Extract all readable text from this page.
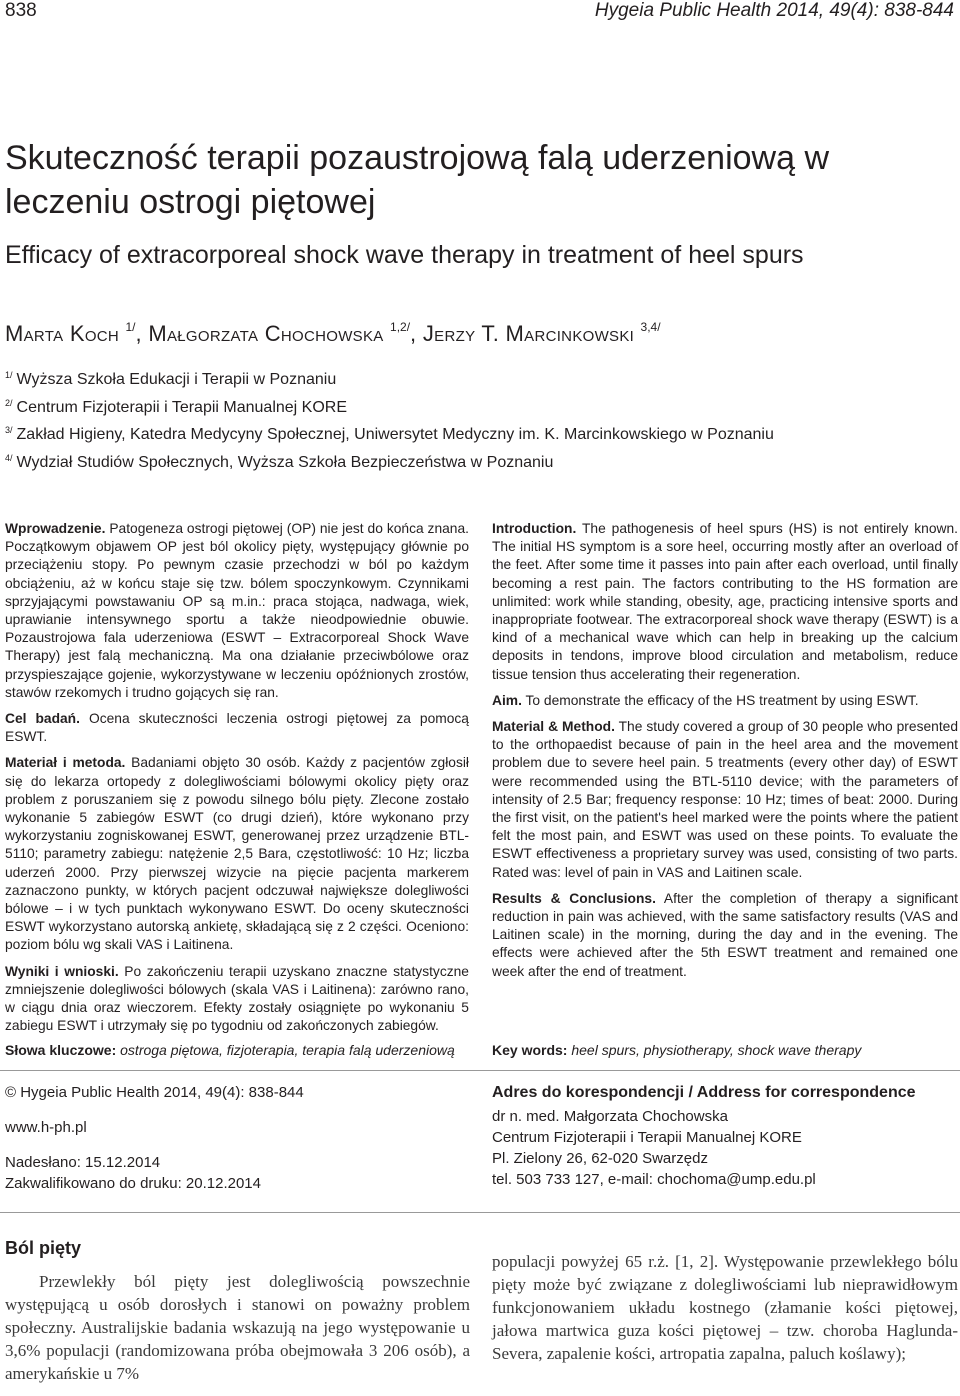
838	Hygeia Public Health 2014, 49(4): 838-844
Skuteczność terapii pozaustrojową falą uderzeniową w leczeniu ostrogi piętowej
Efficacy of extracorporeal shock wave therapy in treatment of heel spurs
Marta Koch $^{1/}$, Małgorzata Chochowska $^{1,2/}$, Jerzy T. Marcinkowski $^{3,4/}$
$^{1/}$ Wyższa Szkoła Edukacji i Terapii w Poznaniu
$^{2/}$ Centrum Fizjoterapii i Terapii Manualnej KORE
$^{3/}$ Zakład Higieny, Katedra Medycyny Społecznej, Uniwersytet Medyczny im. K. Marcinkowskiego w Poznaniu
$^{4/}$ Wydział Studiów Społecznych, Wyższa Szkoła Bezpieczeństwa w Poznaniu

Wprowadzenie. Patogeneza ostrogi piętowej (OP) nie jest do końca znana. Początkowym objawem OP jest ból okolicy pięty, występujący głównie po przeciążeniu stopy. Po pewnym czasie przechodzi w ból po każdym obciążeniu, aż w końcu staje się tzw. bólem spoczynkowym. Czynnikami sprzyjającymi powstawaniu OP są m.in.: praca stojąca, nadwaga, wiek, uprawianie intensywnego sportu a także nieodpowiednie obuwie. Pozaustrojowa fala uderzeniowa (ESWT – Extracorporeal Shock Wave Therapy) jest falą mechaniczną. Ma ona działanie przeciwbólowe oraz przyspieszające gojenie, wykorzystywane w leczeniu opóźnionych zrostów, stawów rzekomych i trudno gojących się ran.

Cel badań. Ocena skuteczności leczenia ostrogi piętowej za pomocą ESWT.

Materiał i metoda. Badaniami objęto 30 osób. Każdy z pacjentów zgłosił się do lekarza ortopedy z dolegliwościami bólowymi okolicy pięty oraz problem z poruszaniem się z powodu silnego bólu pięty. Zlecone zostało wykonanie 5 zabiegów ESWT (co drugi dzień), które wykonano przy wykorzystaniu zogniskowanej ESWT, generowanej przez urządzenie BTL-5110; parametry zabiegu: natężenie 2,5 Bara, częstotliwość: 10 Hz; liczba uderzeń 2000. Przy pierwszej wizycie na pięcie pacjenta markerem zaznaczono punkty, w których pacjent odczuwał największe dolegliwości bólowe – i w tych punktach wykonywano ESWT. Do oceny skuteczności ESWT wykorzystano autorską ankietę, składającą się z 2 części. Oceniono: poziom bólu wg skali VAS i Laitinena.

Wyniki i wnioski. Po zakończeniu terapii uzyskano znaczne statystyczne zmniejszenie dolegliwości bólowych (skala VAS i Laitinena): zarówno rano, w ciągu dnia oraz wieczorem. Efekty zostały osiągnięte po wykonaniu 5 zabiegu ESWT i utrzymały się po tygodniu od zakończonych zabiegów.

Introduction. The pathogenesis of heel spurs (HS) is not entirely known. The initial HS symptom is a sore heel, occurring mostly after an overload of the feet. After some time it passes into pain after each overload, until finally becoming a rest pain. The factors contributing to the HS formation are unlimited: work while standing, obesity, age, practicing intensive sports and inappropriate footwear. The extracorporeal shock wave therapy (ESWT) is a kind of a mechanical wave which can help in breaking up the calcium deposits in tendons, improve blood circulation and metabolism, reduce tissue tension thus accelerating their regeneration.

Aim. To demonstrate the efficacy of the HS treatment by using ESWT.

Material & Method. The study covered a group of 30 people who presented to the orthopaedist because of pain in the heel area and the movement problem due to severe heel pain. 5 treatments (every other day) of ESWT were recommended using the BTL-5110 device; with the parameters of intensity of 2.5 Bar; frequency response: 10 Hz; times of beat: 2000. During the first visit, on the patient's heel marked were the points where the patient felt the most pain, and ESWT was used on these points. To evaluate the ESWT effectiveness a proprietary survey was used, consisting of two parts. Rated was: level of pain in VAS and Laitinen scale.

Results & Conclusions. After the completion of therapy a significant reduction in pain was achieved, with the same satisfactory results (VAS and Laitinen scale) in the morning, during the day and in the evening. The effects were achieved after the 5th ESWT treatment and remained one week after the end of treatment.

Słowa kluczowe: ostroga piętowa, fizjoterapia, terapia falą uderzeniową	Key words: heel spurs, physiotherapy, shock wave therapy
© Hygeia Public Health 2014, 49(4): 838-844
www.h-ph.pl
Nadesłano: 15.12.2014
Zakwalifikowano do druku: 20.12.2014
Adres do korespondencji / Address for correspondence
dr n. med. Małgorzata Chochowska
Centrum Fizjoterapii i Terapii Manualnej KORE
Pl. Zielony 26, 62-020 Swarzędz
tel. 503 733 127, e-mail: chochoma@ump.edu.pl
Ból pięty
Przewlekły ból pięty jest dolegliwością powszechnie występującą u osób dorosłych i stanowi on poważny problem społeczny. Australijskie badania wskazują na jego występowanie u 3,6% populacji (randomizowana próba obejmowała 3 206 osób), a amerykańskie u 7%
populacji powyżej 65 r.ż. [1, 2]. Występowanie przewlekłego bólu pięty może być związane z dolegliwościami lub nieprawidłowym funkcjonowaniem układu kostnego (złamanie kości piętowej, jałowa martwica guza kości piętowej – tzw. choroba Haglunda-Severa, zapalenie kości, artropatia zapalna, paluch koślawy);
